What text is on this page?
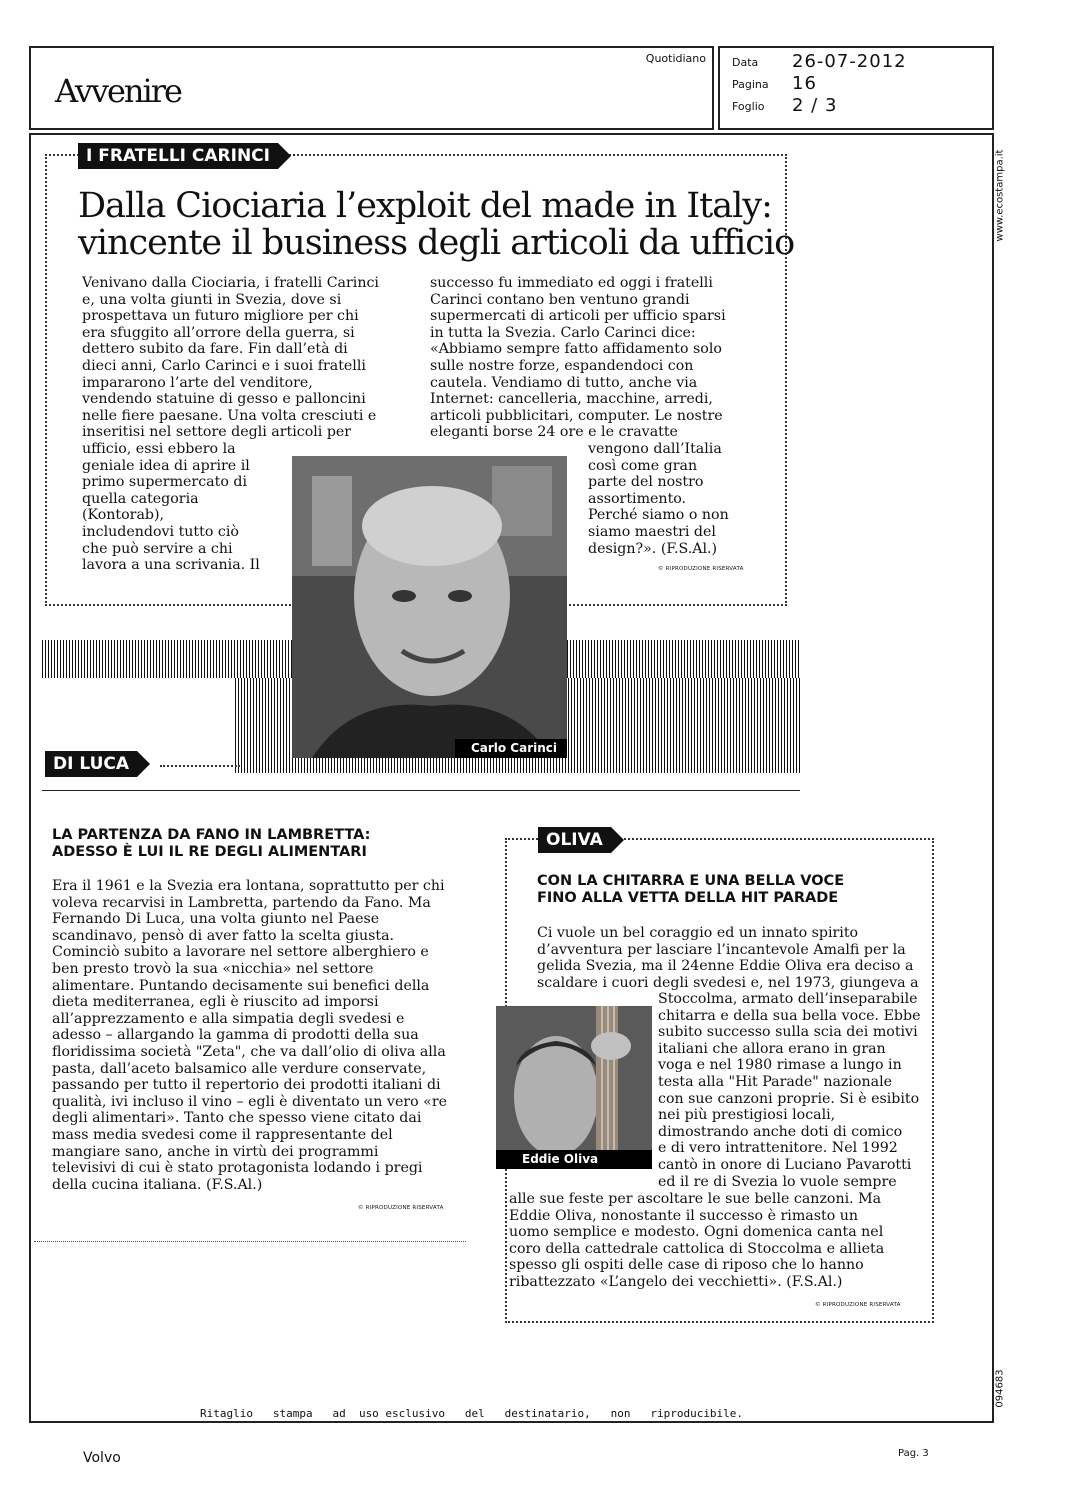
Avvenire
Quotidiano Data 26-07-2012
Pagina 16
Foglio 2 / 3
www.ecostampa.it
094683
I FRATELLI CARINCI
Dalla Ciociaria l’exploit del made in Italy:
vincente il business degli articoli da ufficio
Venivano dalla Ciociaria, i fratelli Carinci
e, una volta giunti in Svezia, dove si
prospettava un futuro migliore per chi
era sfuggito all’orrore della guerra, si
dettero subito da fare. Fin dall’età di
dieci anni, Carlo Carinci e i suoi fratelli
impararono l’arte del venditore,
vendendo statuine di gesso e palloncini
nelle fiere paesane. Una volta cresciuti e
inseritisi nel settore degli articoli per
ufficio, essi ebbero la
geniale idea di aprire il
primo supermercato di
quella categoria
(Kontorab),
includendovi tutto ciò
che può servire a chi
lavora a una scrivania. Il
successo fu immediato ed oggi i fratelli
Carinci contano ben ventuno grandi
supermercati di articoli per ufficio sparsi
in tutta la Svezia. Carlo Carinci dice:
«Abbiamo sempre fatto affidamento solo
sulle nostre forze, espandendoci con
cautela. Vendiamo di tutto, anche via
Internet: cancelleria, macchine, arredi,
articoli pubblicitari, computer. Le nostre
eleganti borse 24 ore e le cravatte
vengono dall’Italia
così come gran
parte del nostro
assortimento.
Perché siamo o non
siamo maestri del
design?». (F.S.Al.)
© RIPRODUZIONE RISERVATA
Carlo Carinci
DI LUCA
LA PARTENZA DA FANO IN LAMBRETTA:
ADESSO È LUI IL RE DEGLI ALIMENTARI
Era il 1961 e la Svezia era lontana, soprattutto per chi
voleva recarvisi in Lambretta, partendo da Fano. Ma
Fernando Di Luca, una volta giunto nel Paese
scandinavo, pensò di aver fatto la scelta giusta.
Cominciò subito a lavorare nel settore alberghiero e
ben presto trovò la sua «nicchia» nel settore
alimentare. Puntando decisamente sui benefici della
dieta mediterranea, egli è riuscito ad imporsi
all’apprezzamento e alla simpatia degli svedesi e
adesso – allargando la gamma di prodotti della sua
floridissima società "Zeta", che va dall’olio di oliva alla
pasta, dall’aceto balsamico alle verdure conservate,
passando per tutto il repertorio dei prodotti italiani di
qualità, ivi incluso il vino – egli è diventato un vero «re
degli alimentari». Tanto che spesso viene citato dai
mass media svedesi come il rappresentante del
mangiare sano, anche in virtù dei programmi
televisivi di cui è stato protagonista lodando i pregi
della cucina italiana. (F.S.Al.)
© RIPRODUZIONE RISERVATA
OLIVA
CON LA CHITARRA E UNA BELLA VOCE
FINO ALLA VETTA DELLA HIT PARADE
Ci vuole un bel coraggio ed un innato spirito
d’avventura per lasciare l’incantevole Amalfi per la
gelida Svezia, ma il 24enne Eddie Oliva era deciso a
scaldare i cuori degli svedesi e, nel 1973, giungeva a
Stoccolma, armato dell’inseparabile
chitarra e della sua bella voce. Ebbe
subito successo sulla scia dei motivi
italiani che allora erano in gran
voga e nel 1980 rimase a lungo in
testa alla "Hit Parade" nazionale
con sue canzoni proprie. Si è esibito
nei più prestigiosi locali,
dimostrando anche doti di comico
e di vero intrattenitore. Nel 1992
cantò in onore di Luciano Pavarotti
ed il re di Svezia lo vuole sempre
alle sue feste per ascoltare le sue belle canzoni. Ma
Eddie Oliva, nonostante il successo è rimasto un
uomo semplice e modesto. Ogni domenica canta nel
coro della cattedrale cattolica di Stoccolma e allieta
spesso gli ospiti delle case di riposo che lo hanno
ribattezzato «L’angelo dei vecchietti». (F.S.Al.)
© RIPRODUZIONE RISERVATA
Eddie Oliva
Ritaglio   stampa   ad  uso esclusivo   del   destinatario,   non   riproducibile.
Volvo	Pag. 3
